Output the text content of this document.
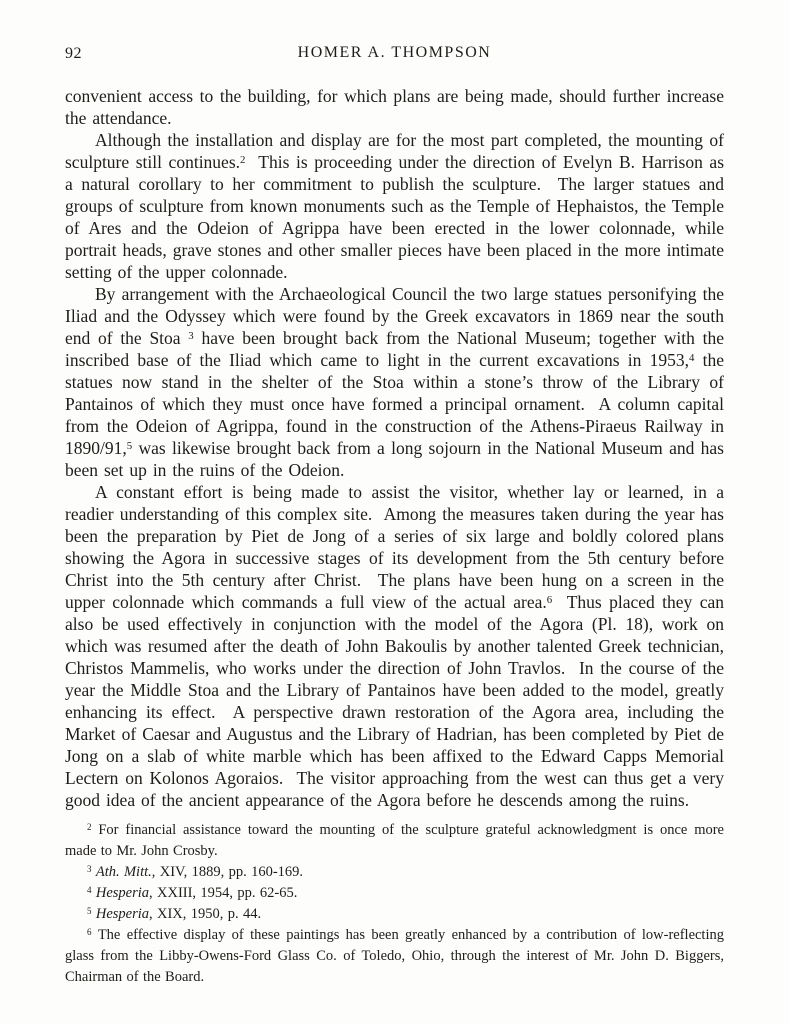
92	HOMER A. THOMPSON

convenient access to the building, for which plans are being made, should further increase the attendance.

Although the installation and display are for the most part completed, the mounting of sculpture still continues.$^2$  This is proceeding under the direction of Evelyn B. Harrison as a natural corollary to her commitment to publish the sculpture.  The larger statues and groups of sculpture from known monuments such as the Temple of Hephaistos, the Temple of Ares and the Odeion of Agrippa have been erected in the lower colonnade, while portrait heads, grave stones and other smaller pieces have been placed in the more intimate setting of the upper colonnade.

By arrangement with the Archaeological Council the two large statues personifying the Iliad and the Odyssey which were found by the Greek excavators in 1869 near the south end of the Stoa $^3$ have been brought back from the National Museum; together with the inscribed base of the Iliad which came to light in the current excavations in 1953,$^4$ the statues now stand in the shelter of the Stoa within a stone’s throw of the Library of Pantainos of which they must once have formed a principal ornament.  A column capital from the Odeion of Agrippa, found in the construction of the Athens-Piraeus Railway in 1890/91,$^5$ was likewise brought back from a long sojourn in the National Museum and has been set up in the ruins of the Odeion.

A constant effort is being made to assist the visitor, whether lay or learned, in a readier understanding of this complex site.  Among the measures taken during the year has been the preparation by Piet de Jong of a series of six large and boldly colored plans showing the Agora in successive stages of its development from the 5th century before Christ into the 5th century after Christ.  The plans have been hung on a screen in the upper colonnade which commands a full view of the actual area.$^6$  Thus placed they can also be used effectively in conjunction with the model of the Agora (Pl. 18), work on which was resumed after the death of John Bakoulis by another talented Greek technician, Christos Mammelis, who works under the direction of John Travlos.  In the course of the year the Middle Stoa and the Library of Pantainos have been added to the model, greatly enhancing its effect.  A perspective drawn restoration of the Agora area, including the Market of Caesar and Augustus and the Library of Hadrian, has been completed by Piet de Jong on a slab of white marble which has been affixed to the Edward Capps Memorial Lectern on Kolonos Agoraios.  The visitor approaching from the west can thus get a very good idea of the ancient appearance of the Agora before he descends among the ruins.

$^2$ For financial assistance toward the mounting of the sculpture grateful acknowledgment is once more made to Mr. John Crosby.

$^3$ Ath. Mitt., XIV, 1889, pp. 160-169.

$^4$ Hesperia, XXIII, 1954, pp. 62-65.

$^5$ Hesperia, XIX, 1950, p. 44.

$^6$ The effective display of these paintings has been greatly enhanced by a contribution of low-reflecting glass from the Libby-Owens-Ford Glass Co. of Toledo, Ohio, through the interest of Mr. John D. Biggers, Chairman of the Board.
